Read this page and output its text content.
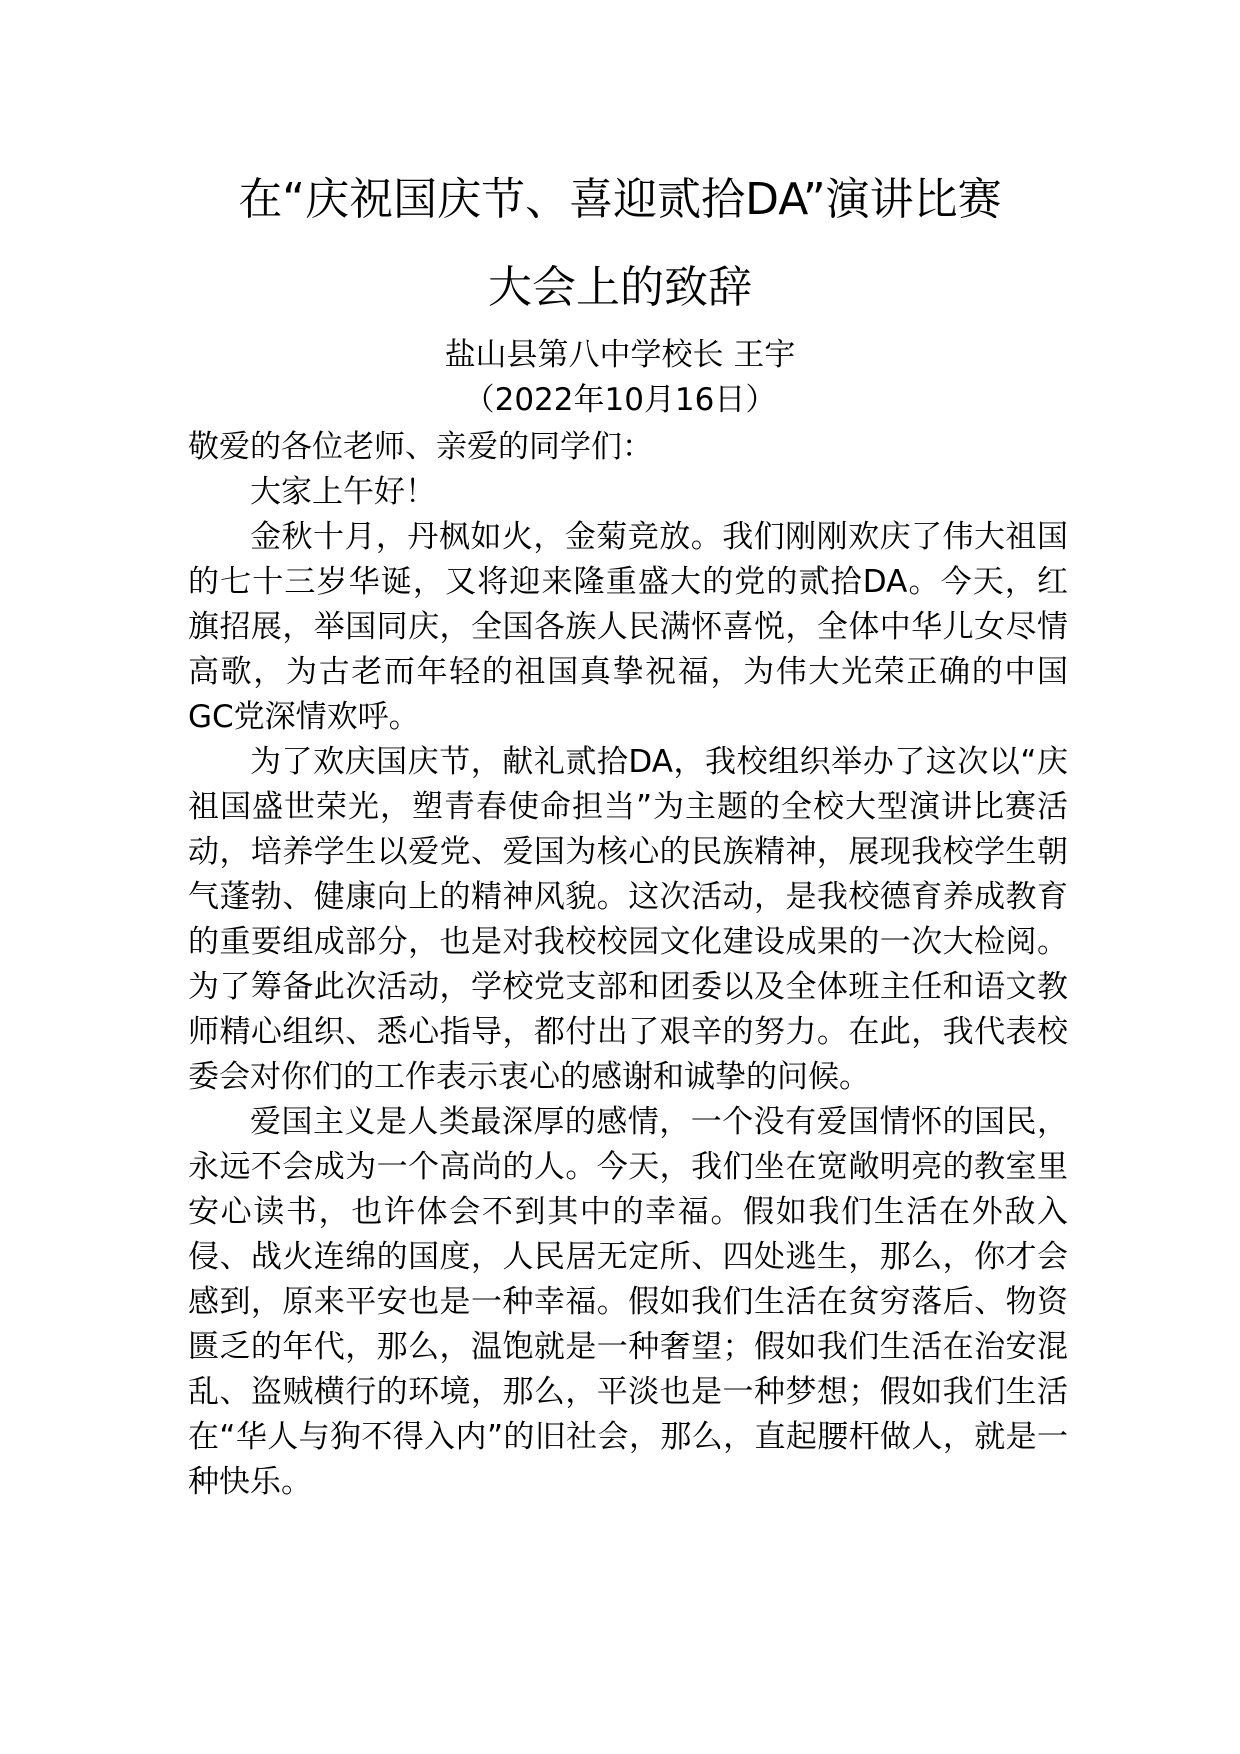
在“庆祝国庆节、喜迎贰拾DA”演讲比赛
大会上的致辞
盐山县第八中学校长 王宇
（2022年10月16日）

敬爱的各位老师、亲爱的同学们：

大家上午好！

金秋十月，丹枫如火，金菊竞放。我们刚刚欢庆了伟大祖国的七十三岁华诞，又将迎来隆重盛大的党的贰拾DA。今天，红旗招展，举国同庆，全国各族人民满怀喜悦，全体中华儿女尽情高歌，为古老而年轻的祖国真挚祝福，为伟大光荣正确的中国GC党深情欢呼。

为了欢庆国庆节，献礼贰拾DA，我校组织举办了这次以“庆祖国盛世荣光，塑青春使命担当”为主题的全校大型演讲比赛活动，培养学生以爱党、爱国为核心的民族精神，展现我校学生朝气蓬勃、健康向上的精神风貌。这次活动，是我校德育养成教育的重要组成部分，也是对我校校园文化建设成果的一次大检阅。为了筹备此次活动，学校党支部和团委以及全体班主任和语文教师精心组织、悉心指导，都付出了艰辛的努力。在此，我代表校委会对你们的工作表示衷心的感谢和诚挚的问候。

爱国主义是人类最深厚的感情，一个没有爱国情怀的国民，永远不会成为一个高尚的人。今天，我们坐在宽敞明亮的教室里安心读书，也许体会不到其中的幸福。假如我们生活在外敌入侵、战火连绵的国度，人民居无定所、四处逃生，那么，你才会感到，原来平安也是一种幸福。假如我们生活在贫穷落后、物资匮乏的年代，那么，温饱就是一种奢望；假如我们生活在治安混乱、盗贼横行的环境，那么，平淡也是一种梦想；假如我们生活在“华人与狗不得入内”的旧社会，那么，直起腰杆做人，就是一种快乐。
